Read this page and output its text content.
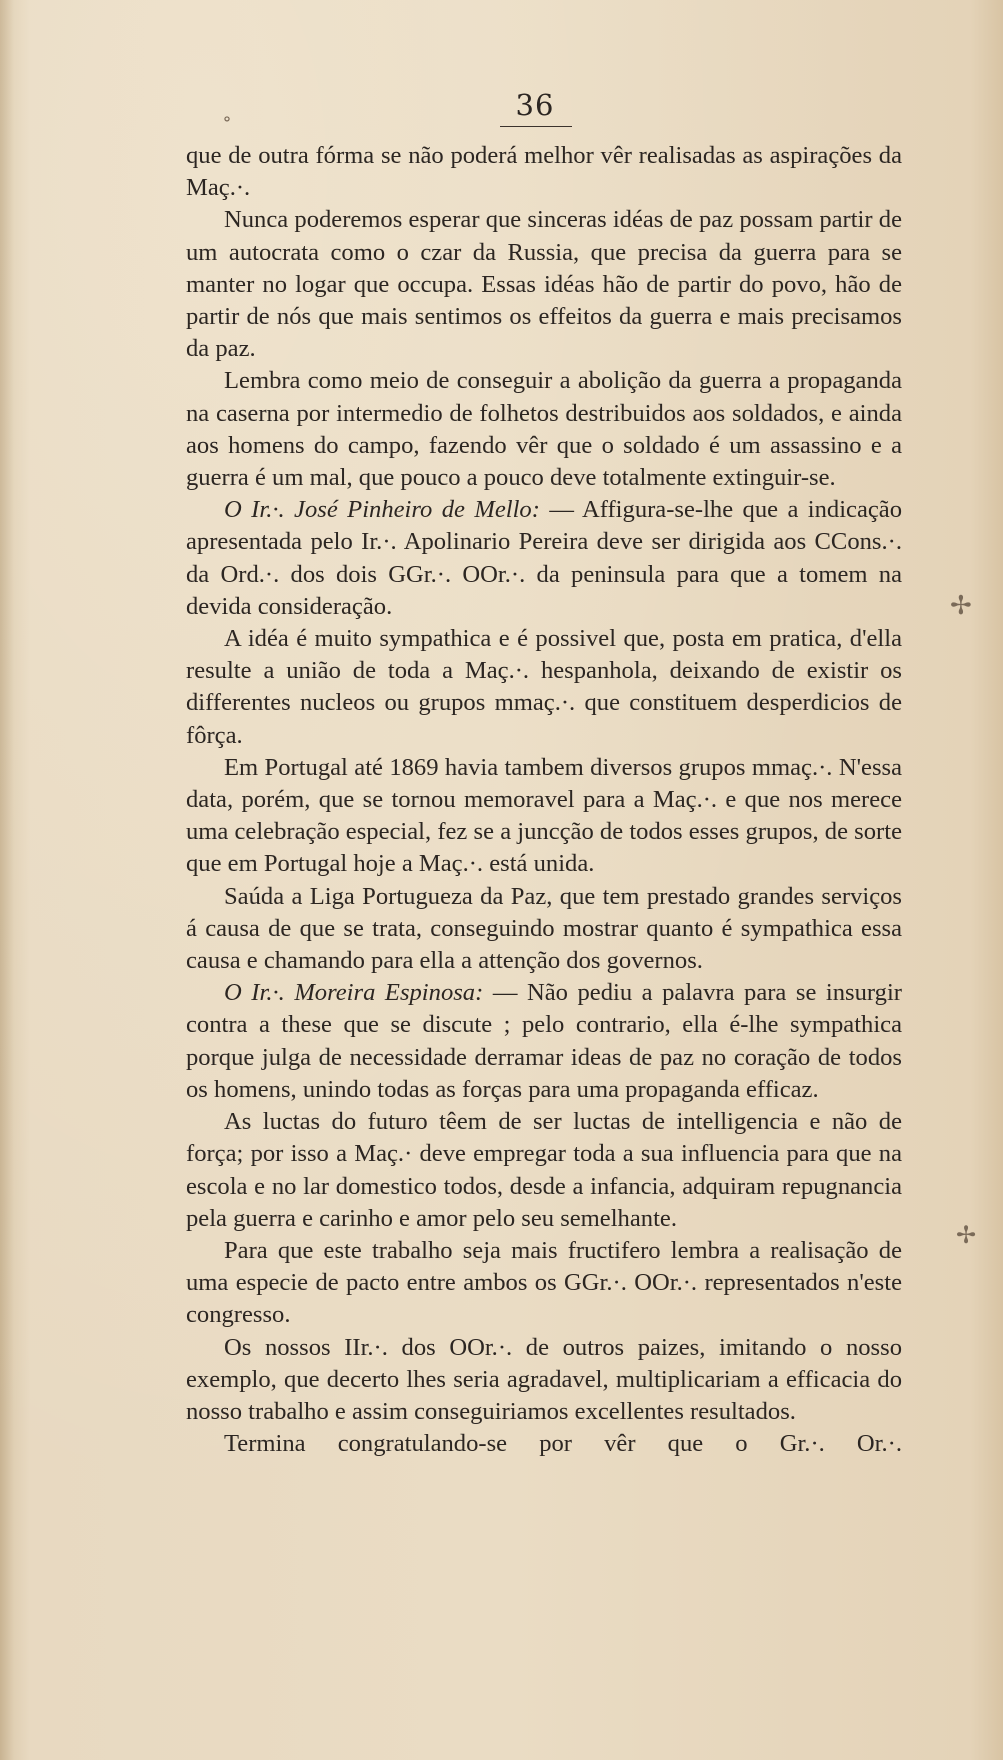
˳
✢
✢
36

que de outra fórma se não poderá melhor vêr realisadas as aspirações da Maç.·.

Nunca poderemos esperar que sinceras idéas de paz possam partir de um autocrata como o czar da Russia, que precisa da guerra para se manter no logar que occupa. Essas idéas hão de partir do povo, hão de partir de nós que mais sentimos os effeitos da guerra e mais precisamos da paz.

Lembra como meio de conseguir a abolição da guerra a propaganda na caserna por intermedio de folhetos destribuidos aos soldados, e ainda aos homens do campo, fazendo vêr que o soldado é um assassino e a guerra é um mal, que pouco a pouco deve totalmente extinguir-se.

O Ir.·. José Pinheiro de Mello: — Affigura-se-lhe que a indicação apresentada pelo Ir.·. Apolinario Pereira deve ser dirigida aos CCons.·. da Ord.·. dos dois GGr.·. OOr.·. da peninsula para que a tomem na devida consideração.

A idéa é muito sympathica e é possivel que, posta em pratica, d'ella resulte a união de toda a Maç.·. hespanhola, deixando de existir os differentes nucleos ou grupos mmaç.·. que constituem desperdicios de fôrça.

Em Portugal até 1869 havia tambem diversos grupos mmaç.·. N'essa data, porém, que se tornou memoravel para a Maç.·. e que nos merece uma celebração especial, fez se a juncção de todos esses grupos, de sorte que em Portugal hoje a Maç.·. está unida.

Saúda a Liga Portugueza da Paz, que tem prestado grandes serviços á causa de que se trata, conseguindo mostrar quanto é sympathica essa causa e chamando para ella a attenção dos governos.

O Ir.·. Moreira Espinosa: — Não pediu a palavra para se insurgir contra a these que se discute ; pelo contrario, ella é-lhe sympathica porque julga de necessidade derramar ideas de paz no coração de todos os homens, unindo todas as forças para uma propaganda efficaz.

As luctas do futuro têem de ser luctas de intelligencia e não de força; por isso a Maç.· deve empregar toda a sua influencia para que na escola e no lar domestico todos, desde a infancia, adquiram repugnancia pela guerra e carinho e amor pelo seu semelhante.

Para que este trabalho seja mais fructifero lembra a realisação de uma especie de pacto entre ambos os GGr.·. OOr.·. representados n'este congresso.

Os nossos IIr.·. dos OOr.·. de outros paizes, imitando o nosso exemplo, que decerto lhes seria agradavel, multiplicariam a efficacia do nosso trabalho e assim conseguiriamos excellentes resultados.

Termina congratulando-se por vêr que o Gr.·. Or.·.
